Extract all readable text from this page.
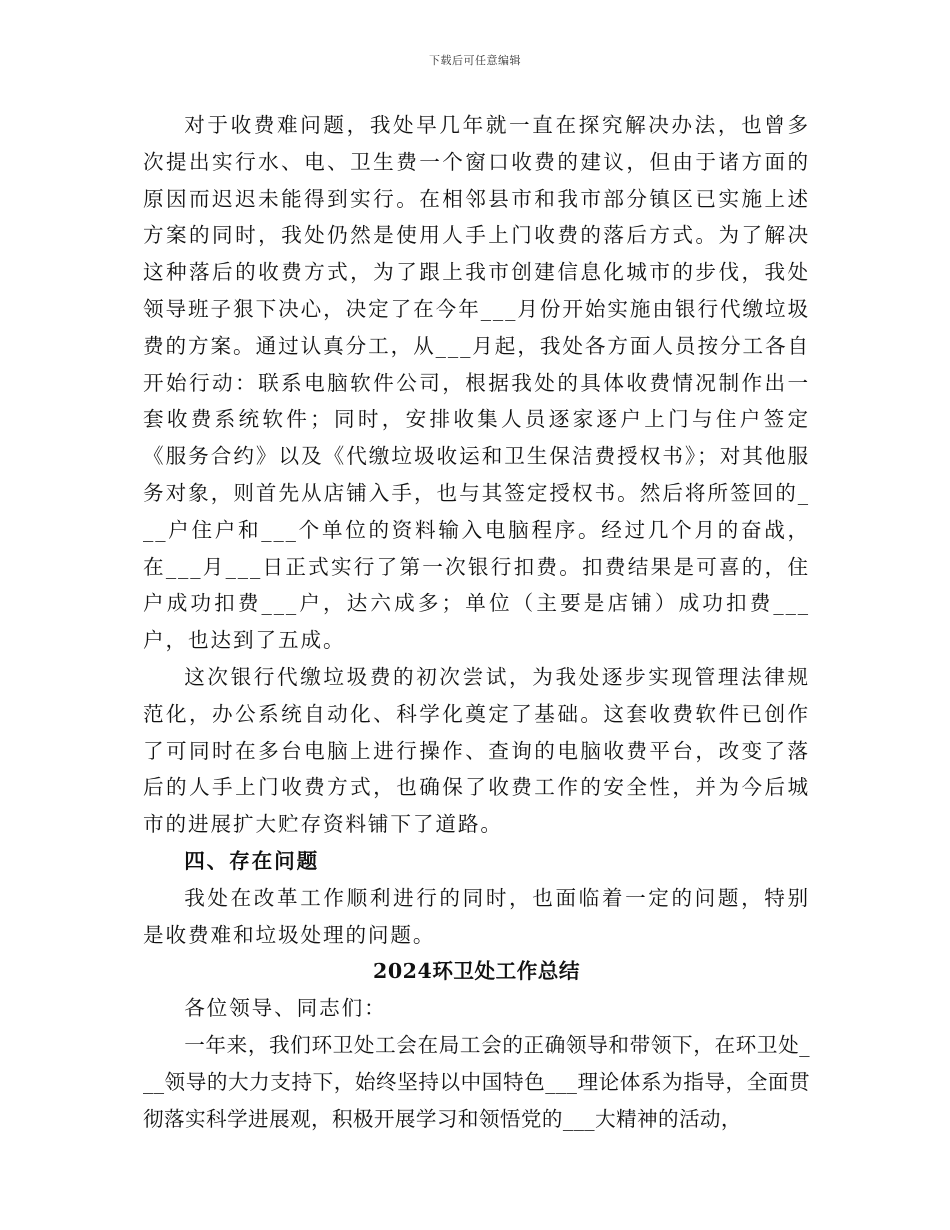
下载后可任意编辑

对于收费难问题，我处早几年就一直在探究解决办法，也曾多次提出实行水、电、卫生费一个窗口收费的建议，但由于诸方面的原因而迟迟未能得到实行。在相邻县市和我市部分镇区已实施上述方案的同时，我处仍然是使用人手上门收费的落后方式。为了解决这种落后的收费方式，为了跟上我市创建信息化城市的步伐，我处领导班子狠下决心，决定了在今年___月份开始实施由银行代缴垃圾费的方案。通过认真分工，从___月起，我处各方面人员按分工各自开始行动：联系电脑软件公司，根据我处的具体收费情况制作出一套收费系统软件；同时，安排收集人员逐家逐户上门与住户签定《服务合约》以及《代缴垃圾收运和卫生保洁费授权书》；对其他服务对象，则首先从店铺入手，也与其签定授权书。然后将所签回的___户住户和___个单位的资料输入电脑程序。经过几个月的奋战，在___月___日正式实行了第一次银行扣费。扣费结果是可喜的，住户成功扣费___户，达六成多；单位（主要是店铺）成功扣费___户，也达到了五成。

这次银行代缴垃圾费的初次尝试，为我处逐步实现管理法律规范化，办公系统自动化、科学化奠定了基础。这套收费软件已创作了可同时在多台电脑上进行操作、查询的电脑收费平台，改变了落后的人手上门收费方式，也确保了收费工作的安全性，并为今后城市的进展扩大贮存资料铺下了道路。

四、存在问题

我处在改革工作顺利进行的同时，也面临着一定的问题，特别是收费难和垃圾处理的问题。

2024环卫处工作总结

各位领导、同志们：

一年来，我们环卫处工会在局工会的正确领导和带领下，在环卫处___领导的大力支持下，始终坚持以中国特色___理论体系为指导，全面贯彻落实科学进展观，积极开展学习和领悟党的___大精神的活动，
